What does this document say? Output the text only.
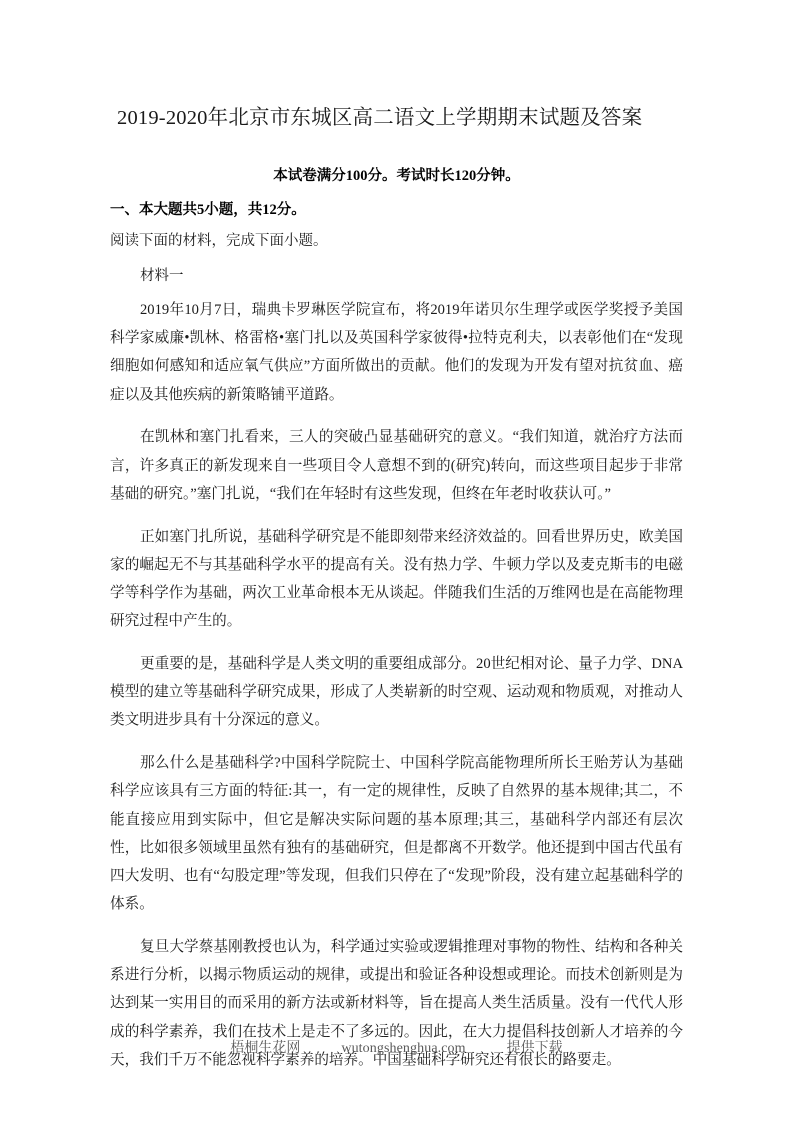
2019-2020年北京市东城区高二语文上学期期末试题及答案
本试卷满分100分。考试时长120分钟。
一、本大题共5小题，共12分。
阅读下面的材料，完成下面小题。
材料一

2019年10月7日，瑞典卡罗琳医学院宣布，将2019年诺贝尔生理学或医学奖授予美国科学家威廉•凯林、格雷格•塞门扎以及英国科学家彼得•拉特克利夫，以表彰他们在“发现细胞如何感知和适应氧气供应”方面所做出的贡献。他们的发现为开发有望对抗贫血、癌症以及其他疾病的新策略铺平道路。

在凯林和塞门扎看来，三人的突破凸显基础研究的意义。“我们知道，就治疗方法而言，许多真正的新发现来自一些项目令人意想不到的(研究)转向，而这些项目起步于非常基础的研究。”塞门扎说，“我们在年轻时有这些发现，但终在年老时收获认可。”

正如塞门扎所说，基础科学研究是不能即刻带来经济效益的。回看世界历史，欧美国家的崛起无不与其基础科学水平的提高有关。没有热力学、牛顿力学以及麦克斯韦的电磁学等科学作为基础，两次工业革命根本无从谈起。伴随我们生活的万维网也是在高能物理研究过程中产生的。

更重要的是，基础科学是人类文明的重要组成部分。20世纪相对论、量子力学、DNA模型的建立等基础科学研究成果，形成了人类崭新的时空观、运动观和物质观，对推动人类文明进步具有十分深远的意义。

那么什么是基础科学?中国科学院院士、中国科学院高能物理所所长王贻芳认为基础科学应该具有三方面的特征:其一，有一定的规律性，反映了自然界的基本规律;其二，不能直接应用到实际中，但它是解决实际问题的基本原理;其三，基础科学内部还有层次性，比如很多领域里虽然有独有的基础研究，但是都离不开数学。他还提到中国古代虽有四大发明、也有“勾股定理”等发现，但我们只停在了“发现”阶段，没有建立起基础科学的体系。

复旦大学蔡基刚教授也认为，科学通过实验或逻辑推理对事物的物性、结构和各种关系进行分析，以揭示物质运动的规律，或提出和验证各种设想或理论。而技术创新则是为达到某一实用目的而采用的新方法或新材料等，旨在提高人类生活质量。没有一代代人形成的科学素养，我们在技术上是走不了多远的。因此，在大力提倡科技创新人才培养的今天，我们千万不能忽视科学素养的培养。中国基础科学研究还有很长的路要走。

梧桐生花网	wutongshenghua.com	提供下载
